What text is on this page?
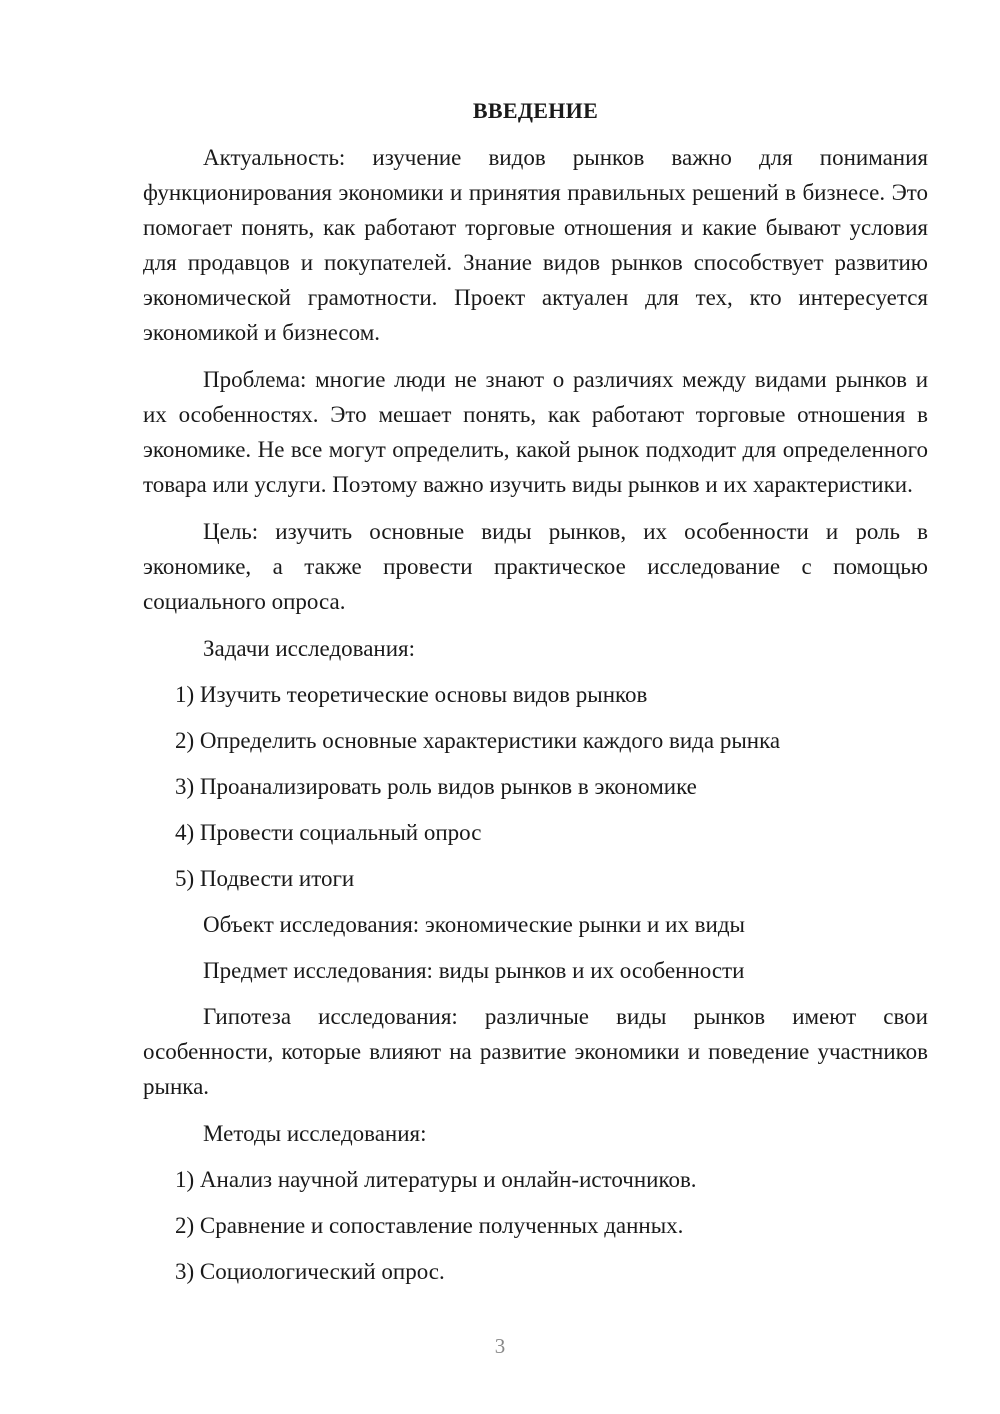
ВВЕДЕНИЕ

Актуальность: изучение видов рынков важно для понимания функционирования экономики и принятия правильных решений в бизнесе. Это помогает понять, как работают торговые отношения и какие бывают условия для продавцов и покупателей. Знание видов рынков способствует развитию экономической грамотности. Проект актуален для тех, кто интересуется экономикой и бизнесом.

Проблема: многие люди не знают о различиях между видами рынков и их особенностях. Это мешает понять, как работают торговые отношения в экономике. Не все могут определить, какой рынок подходит для определенного товара или услуги. Поэтому важно изучить виды рынков и их характеристики.

Цель: изучить основные виды рынков, их особенности и роль в экономике, а также провести практическое исследование с помощью социального опроса.

Задачи исследования:
1) Изучить теоретические основы видов рынков
2) Определить основные характеристики каждого вида рынка
3) Проанализировать роль видов рынков в экономике
4) Провести социальный опрос
5) Подвести итоги
Объект исследования: экономические рынки и их виды
Предмет исследования: виды рынков и их особенности

Гипотеза исследования: различные виды рынков имеют свои особенности, которые влияют на развитие экономики и поведение участников рынка.

Методы исследования:
1) Анализ научной литературы и онлайн-источников.
2) Сравнение и сопоставление полученных данных.
3) Социологический опрос.
3
